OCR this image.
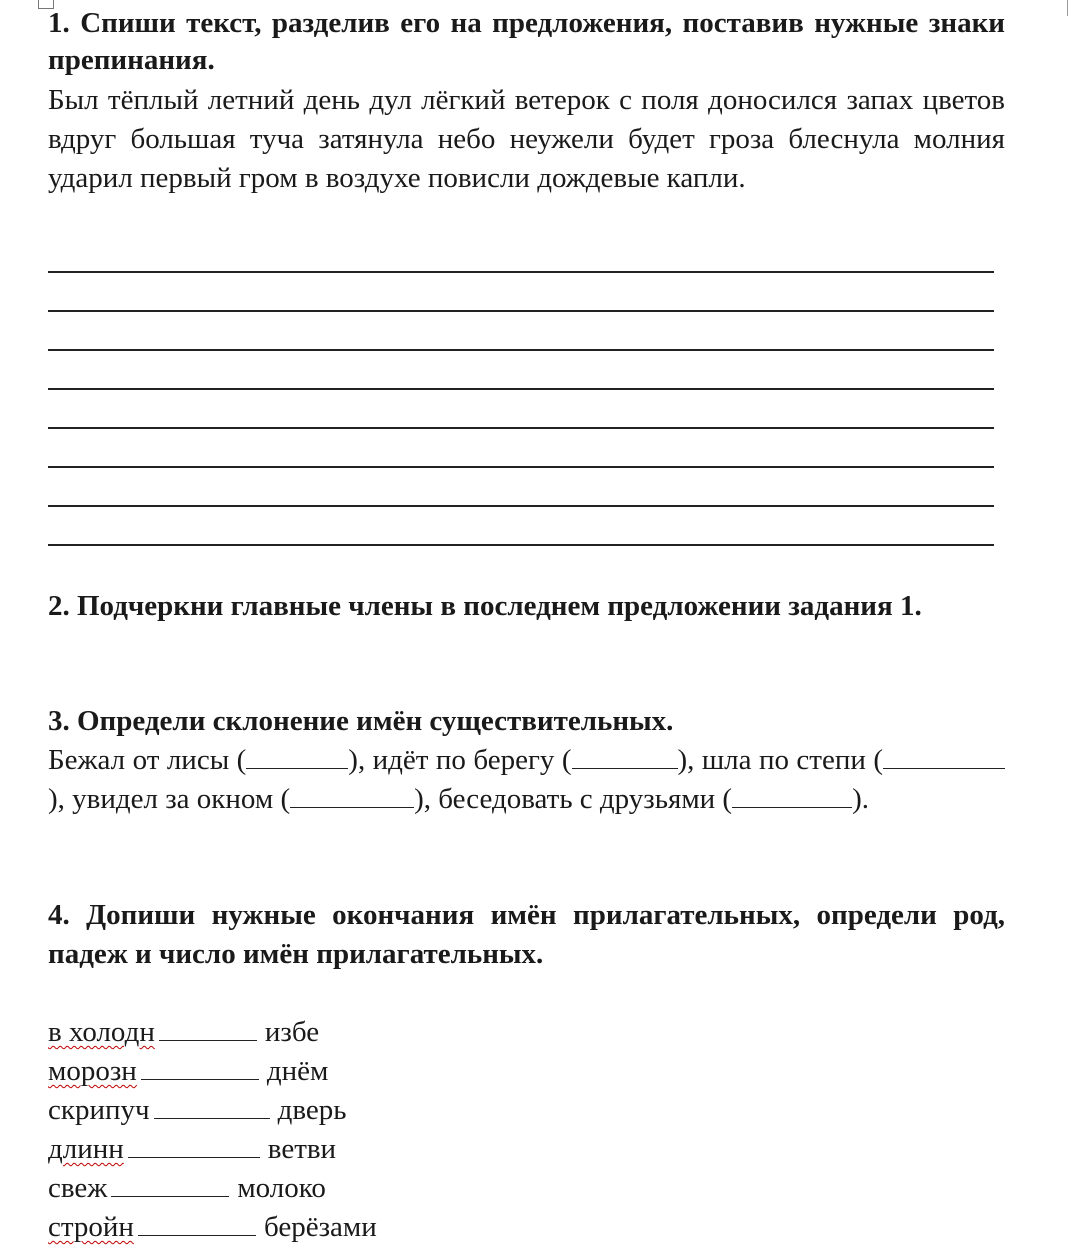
1. Спиши текст, разделив его на предложения, поставив нужные знаки препинания.

Был тёплый летний день дул лёгкий ветерок с поля доносился запах цветов вдруг большая туча затянула небо неужели будет гроза блеснула молния ударил первый гром в воздухе повисли дождевые капли.

2. Подчеркни главные члены в последнем предложении задания 1.

3. Определи склонение имён существительных.

Бежал от лисы (	), идёт по берегу (	), шла по степи (), увидел за окном (	), беседовать с друзьями (	).

4. Допиши нужные окончания имён прилагательных, определи род, падеж и число имён прилагательных.

в холодн	избе
морозн	днём
скрипуч	дверь
длинн	ветви
свеж	молоко
стройн	берёзами
